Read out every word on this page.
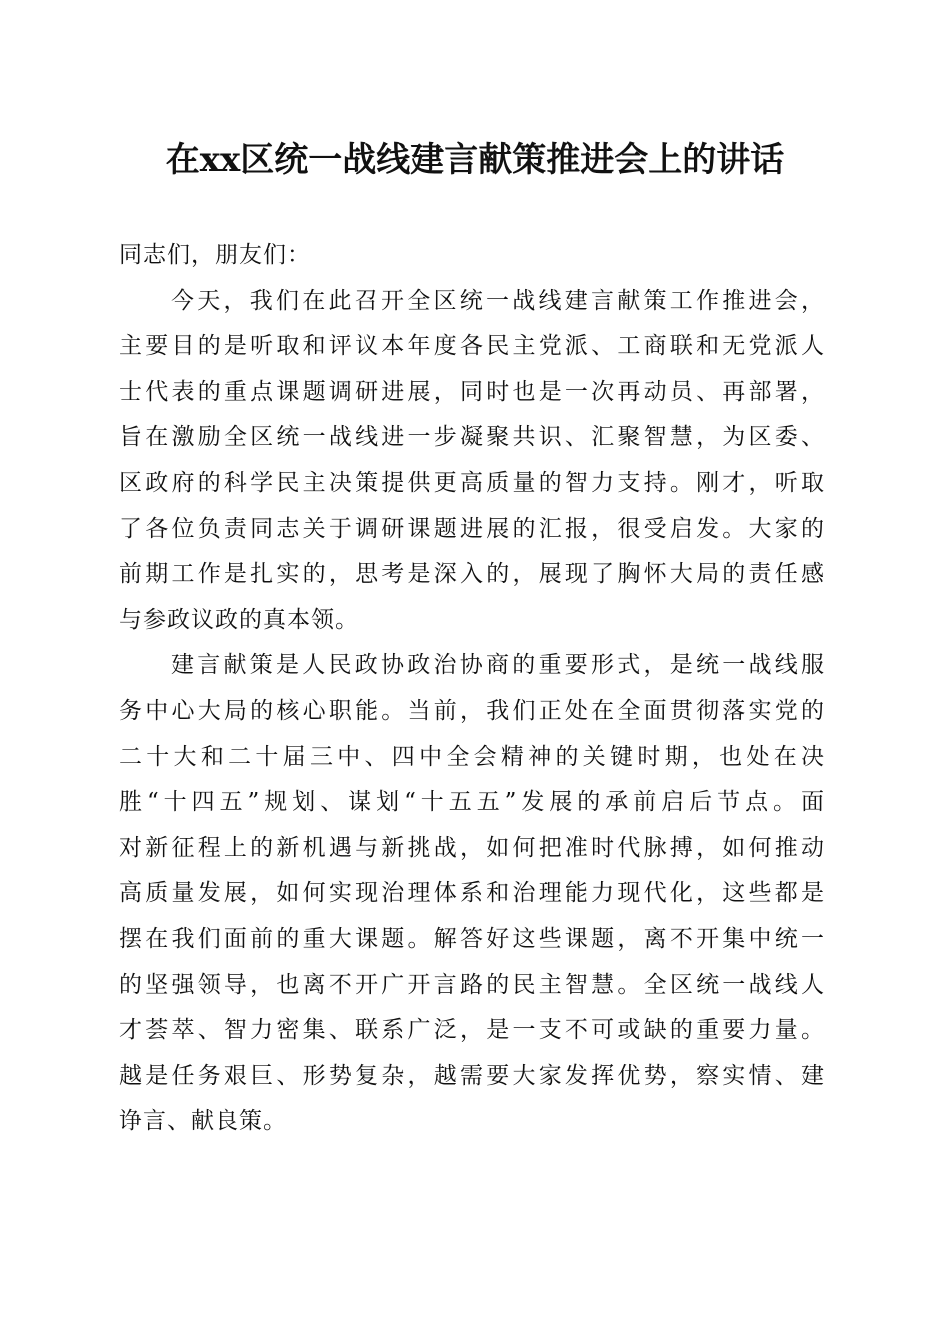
在xx区统一战线建言献策推进会上的讲话
同志们，朋友们：
今天，我们在此召开全区统一战线建言献策工作推进会，
主要目的是听取和评议本年度各民主党派、工商联和无党派人
士代表的重点课题调研进展，同时也是一次再动员、再部署，
旨在激励全区统一战线进一步凝聚共识、汇聚智慧，为区委、
区政府的科学民主决策提供更高质量的智力支持。刚才，听取
了各位负责同志关于调研课题进展的汇报，很受启发。大家的
前期工作是扎实的，思考是深入的，展现了胸怀大局的责任感
与参政议政的真本领。
建言献策是人民政协政治协商的重要形式，是统一战线服
务中心大局的核心职能。当前，我们正处在全面贯彻落实党的
二十大和二十届三中、四中全会精神的关键时期，也处在决
胜“十四五”规划、谋划“十五五”发展的承前启后节点。面
对新征程上的新机遇与新挑战，如何把准时代脉搏，如何推动
高质量发展，如何实现治理体系和治理能力现代化，这些都是
摆在我们面前的重大课题。解答好这些课题，离不开集中统一
的坚强领导，也离不开广开言路的民主智慧。全区统一战线人
才荟萃、智力密集、联系广泛，是一支不可或缺的重要力量。
越是任务艰巨、形势复杂，越需要大家发挥优势，察实情、建
诤言、献良策。
